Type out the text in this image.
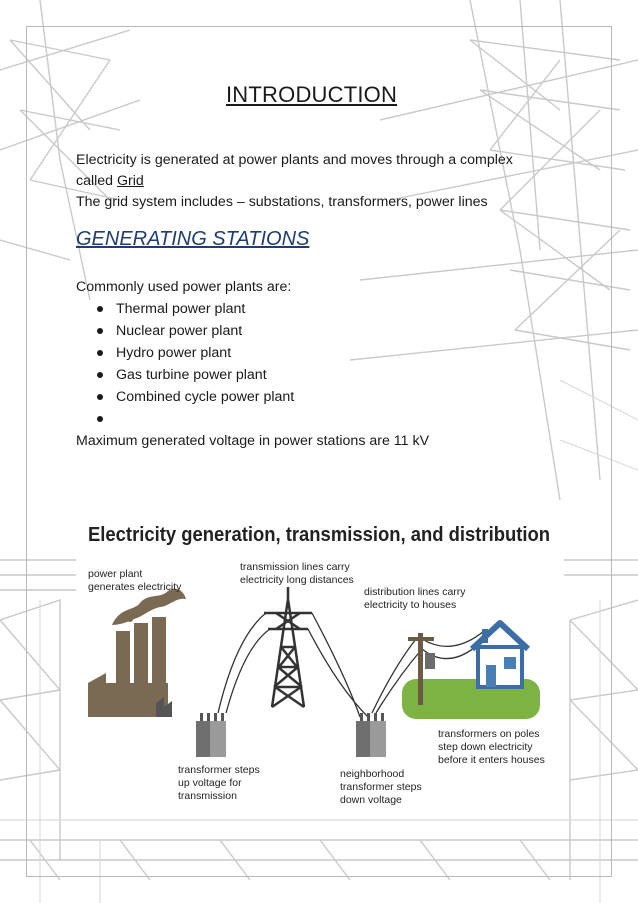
INTRODUCTION
Electricity is generated at power plants and moves through a complex
called Grid
The grid system includes – substations, transformers, power lines
GENERATING STATIONS
Commonly used power plants are:
Thermal power plant
Nuclear power plant
Hydro power plant
Gas turbine power plant
Combined cycle power plant
Maximum generated voltage in power stations are 11 kV
Electricity generation, transmission, and distribution
power plant
generates electricity
transmission lines carry
electricity long distances
distribution lines carry
electricity to houses
transformer steps
up voltage for
transmission
neighborhood
transformer steps
down voltage
transformers on poles
step down electricity
before it enters houses
